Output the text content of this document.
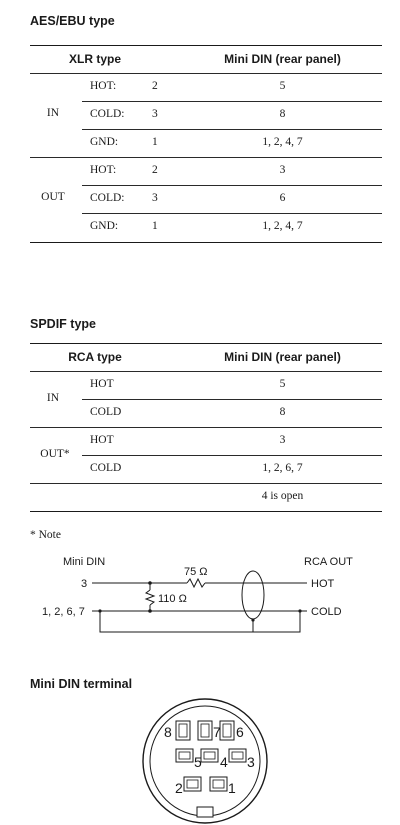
AES/EBU type
XLR type	Mini DIN (rear panel)
IN
HOT:	2	5
COLD: 3	8
GND:	1	1, 2, 4, 7
OUT
HOT:	2	3
COLD: 3	6
GND:	1	1, 2, 4, 7
SPDIF type
RCA type	Mini DIN (rear panel)
IN
HOT	5
COLD	8
OUT*
HOT	3
COLD	1, 2, 6, 7
4 is open
* Note
Mini DIN	RCA OUT
3
1, 2, 6, 7
75 Ω
HOT
110 Ω
COLD
Mini DIN terminal
8	7 6
5 4 3
2	1
